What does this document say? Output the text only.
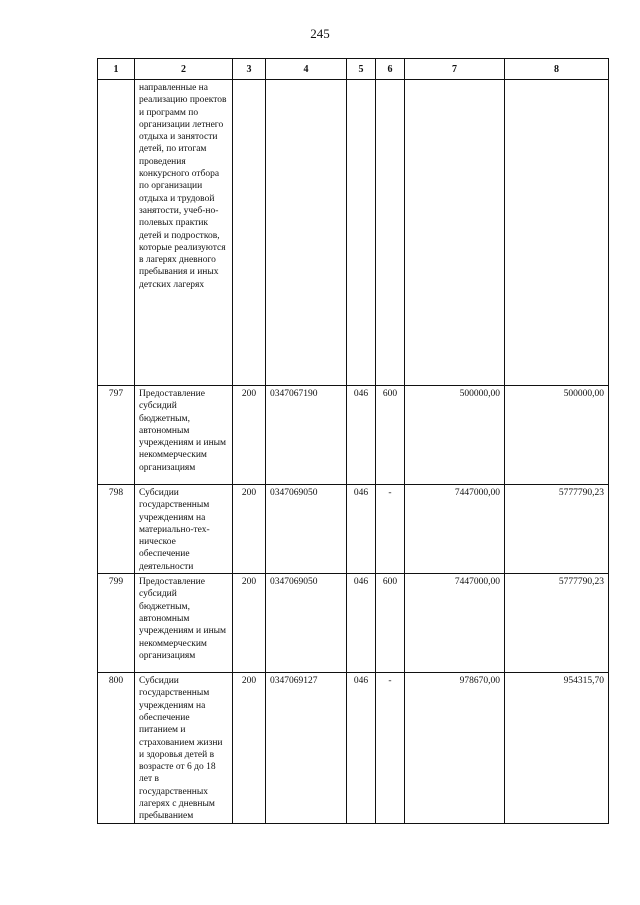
245
1	2	3	4	5	6	7	8

	направленные на реализацию проектов и программ по организации летнего отдыха и занятости детей, по итогам проведения конкурсного отбора по организации отдыха и трудовой занятости, учеб-но-полевых практик детей и подростков, которые реализуются в лагерях дневного пребывания и иных детских лагерях						

797	Предоставление субсидий бюджетным, автономным учреждениям и иным некоммерческим организациям	200	0347067190	046	600	500000,00	500000,00
798	Субсидии государственным учреждениям на материально-тех-ническое обеспечение деятельности	200	0347069050	046	-	7447000,00	5777790,23
799	Предоставление субсидий бюджетным, автономным учреждениям и иным некоммерческим организациям	200	0347069050	046	600	7447000,00	5777790,23
800	Субсидии государственным учреждениям на обеспечение питанием и страхованием жизни и здоровья детей в возрасте от 6 до 18 лет в государственных лагерях с дневным пребыванием	200	0347069127	046	-	978670,00	954315,70
